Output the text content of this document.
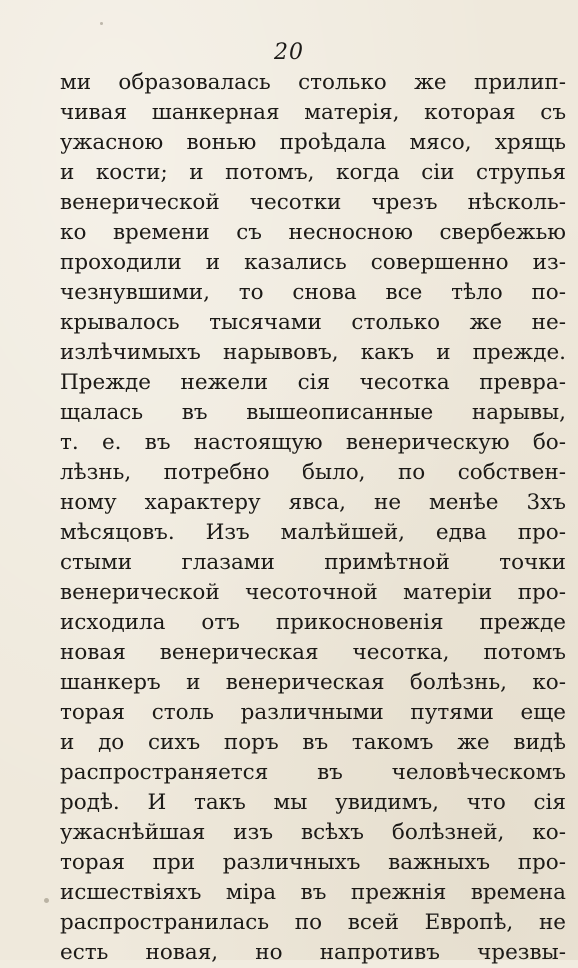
20
ми образовалась столько же прилип-
чивая шанкерная матерія, которая съ
ужасною вонью проѣдала мясо, хрящь
и кости; и потомъ, когда сіи струпья
венерической чесотки чрезъ нѣсколь-
ко времени съ несносною свербежью
проходили и казались совершенно из-
чезнувшими, то снова все тѣло по-
крывалось тысячами столько же не-
излѣчимыхъ нарывовъ, какъ и прежде.
Прежде нежели сія чесотка превра-
щалась въ вышеописанные нарывы,
т. е. въ настоящую венерическую бо-
лѣзнь, потребно было, по собствен-
ному характеру явса, не менѣе 3хъ
мѣсяцовъ. Изъ малѣйшей, едва про-
стыми глазами примѣтной точки
венерической чесоточной матеріи про-
исходила отъ прикосновенія прежде
новая венерическая чесотка, потомъ
шанкеръ и венерическая болѣзнь, ко-
торая столь различными путями еще
и до сихъ поръ въ такомъ же видѣ
распространяется въ человѣческомъ
родѣ. И такъ мы увидимъ, что сія
ужаснѣйшая изъ всѣхъ болѣзней, ко-
торая при различныхъ важныхъ про-
исшествіяхъ міра въ прежнія времена
распространилась по всей Европѣ, не
есть новая, но напротивъ чрезвы-
